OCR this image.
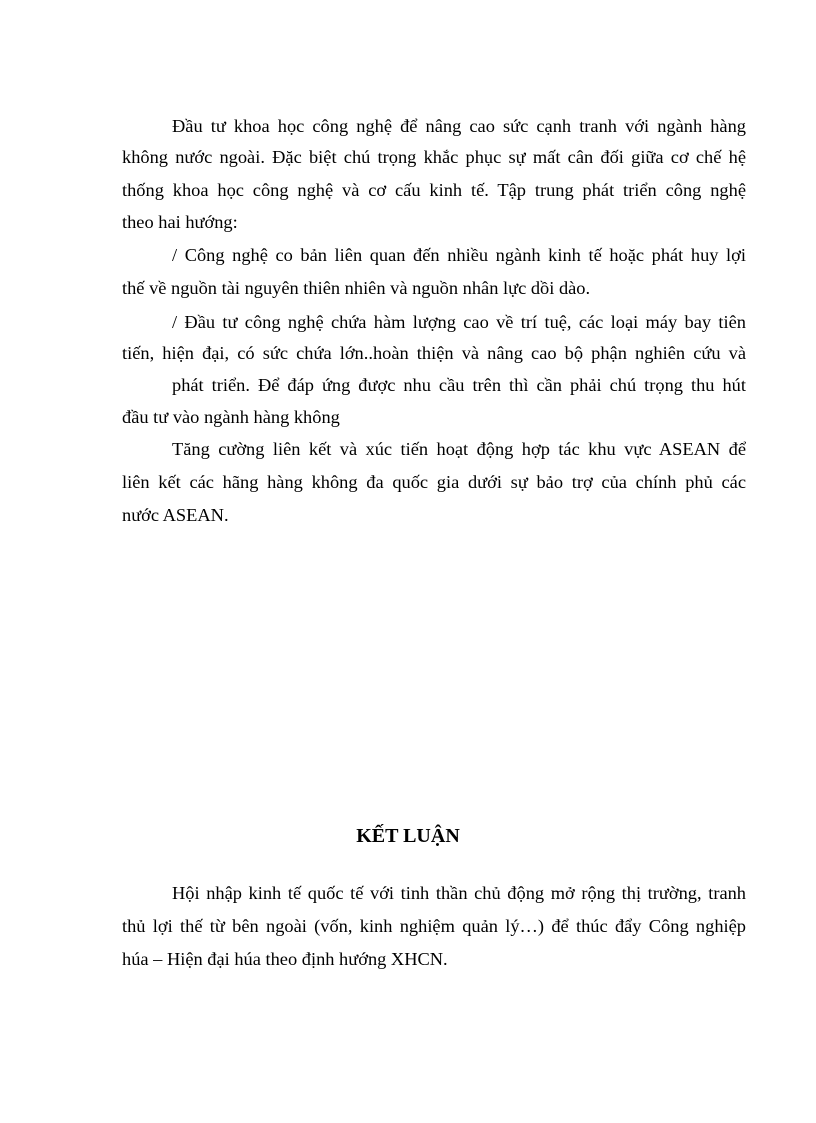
Đầu tư khoa học công nghệ để nâng cao sức cạnh tranh với ngành hàng
không nước ngoài. Đặc biệt chú trọng khắc phục sự mất cân đối giữa cơ chế hệ
thống khoa học công nghệ và cơ cấu kinh tế. Tập trung phát triển công nghệ
theo hai hướng:
/ Công nghệ co bản liên quan đến nhiều ngành kinh tế hoặc phát huy lợi
thế về nguồn tài nguyên thiên nhiên và nguồn nhân lực dồi dào.
/ Đầu tư công nghệ chứa hàm lượng cao về trí tuệ, các loại máy bay tiên
tiến, hiện đại, có sức chứa lớn..hoàn thiện và nâng cao bộ phận nghiên cứu và
phát triển. Để đáp ứng được nhu cầu trên thì cần phải chú trọng thu hút
đầu tư vào ngành hàng không
Tăng cường liên kết và xúc tiến hoạt động hợp tác khu vực ASEAN để
liên kết các hãng hàng không đa quốc gia dưới sự bảo trợ của chính phủ các
nước ASEAN.
KẾT LUẬN
Hội nhập kinh tế quốc tế với tinh thần chủ động mở rộng thị trường, tranh
thủ lợi thế từ bên ngoài (vốn, kinh nghiệm quản lý…) để thúc đẩy Công nghiệp
húa – Hiện đại húa theo định hướng XHCN.
